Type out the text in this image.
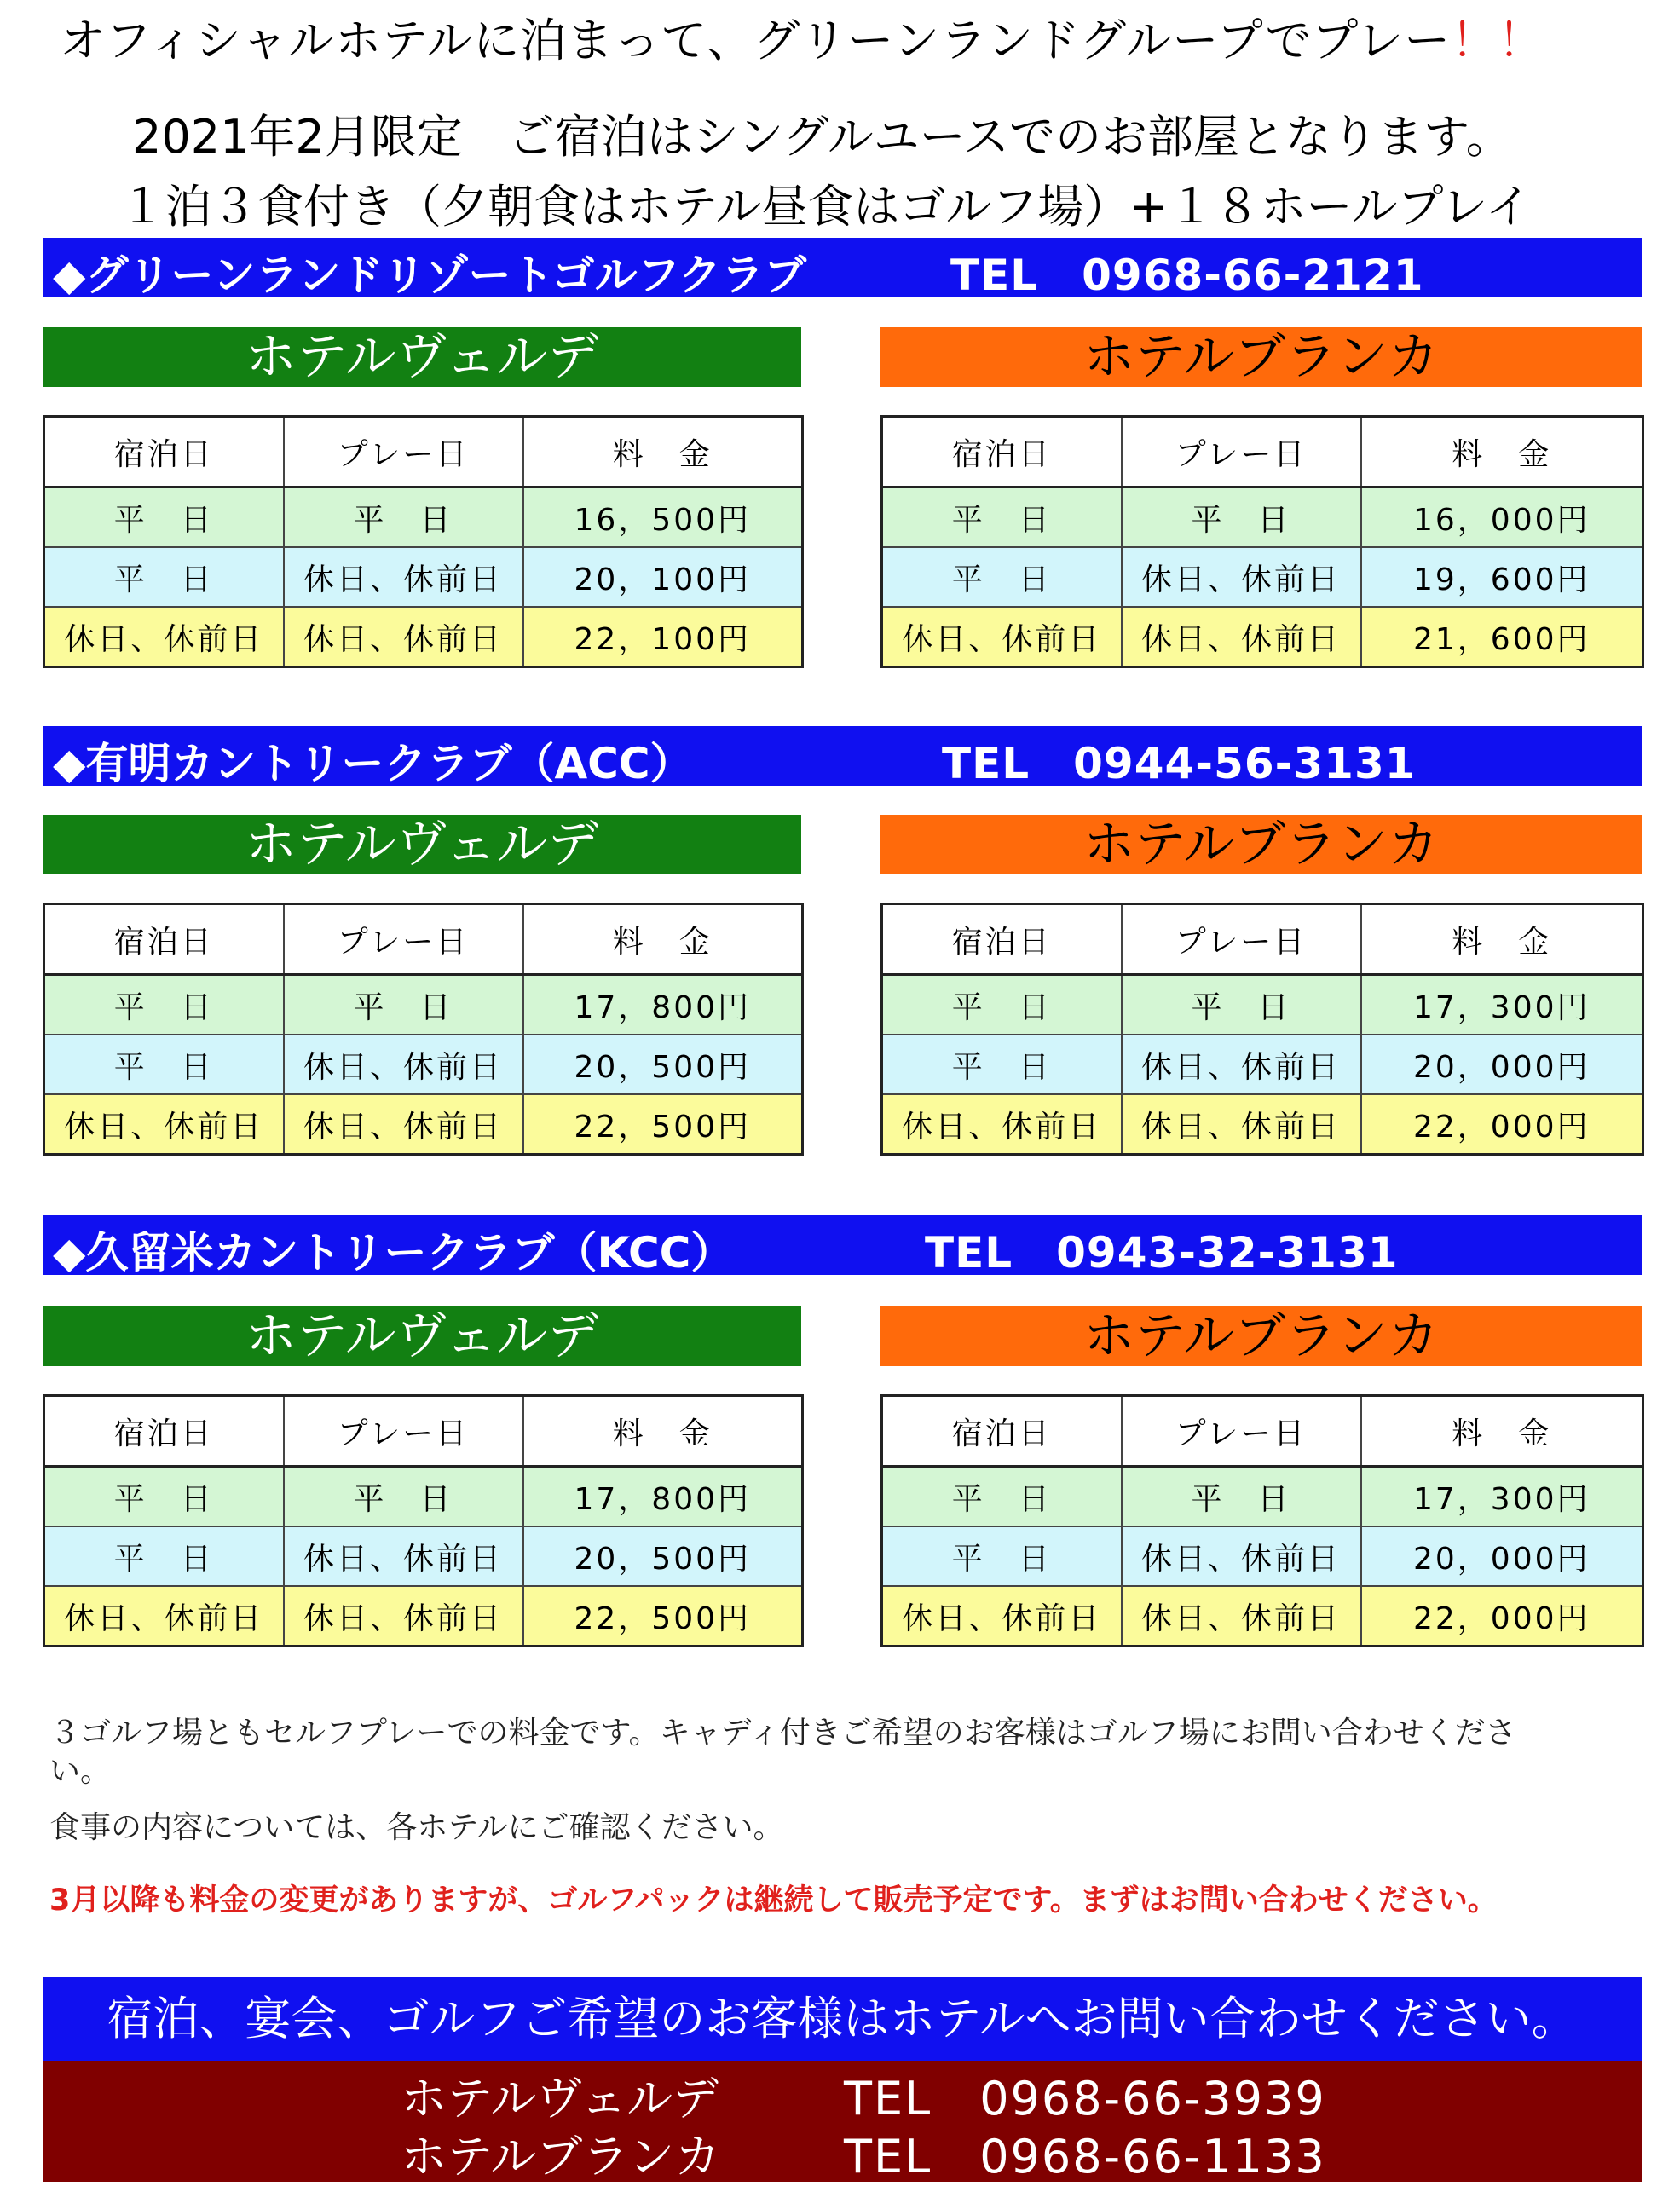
オフィシャルホテルに泊まって、グリーンランドグループでプレー！！
2021年2月限定　ご宿泊はシングルユースでのお部屋となります。
１泊３食付き（夕朝食はホテル昼食はゴルフ場）+１８ホールプレイ
◆グリーンランドリゾートゴルフクラブ	TEL　0968-66-2121
ホテルヴェルデ	ホテルブランカ
宿泊日	プレー日	料　金
平　日	平　日	16，500円
平　日	休日、休前日	20，100円
休日、休前日	休日、休前日	22，100円
宿泊日	プレー日	料　金
平　日	平　日	16，000円
平　日	休日、休前日	19，600円
休日、休前日	休日、休前日	21，600円
◆有明カントリークラブ（ACC）	TEL　0944-56-3131
ホテルヴェルデ	ホテルブランカ
宿泊日	プレー日	料　金
平　日	平　日	17，800円
平　日	休日、休前日	20，500円
休日、休前日	休日、休前日	22，500円
宿泊日	プレー日	料　金
平　日	平　日	17，300円
平　日	休日、休前日	20，000円
休日、休前日	休日、休前日	22，000円
◆久留米カントリークラブ（KCC）	TEL　0943-32-3131
ホテルヴェルデ	ホテルブランカ
宿泊日	プレー日	料　金
平　日	平　日	17，800円
平　日	休日、休前日	20，500円
休日、休前日	休日、休前日	22，500円
宿泊日	プレー日	料　金
平　日	平　日	17，300円
平　日	休日、休前日	20，000円
休日、休前日	休日、休前日	22，000円
３ゴルフ場ともセルフプレーでの料金です。キャディ付きご希望のお客様はゴルフ場にお問い合わせくださ
い。
食事の内容については、各ホテルにご確認ください。
3月以降も料金の変更がありますが、ゴルフパックは継続して販売予定です。まずはお問い合わせください。
宿泊、宴会、ゴルフご希望のお客様はホテルへお問い合わせください。
ホテルヴェルデ	TEL　0968-66-3939
ホテルブランカ	TEL　0968-66-1133
